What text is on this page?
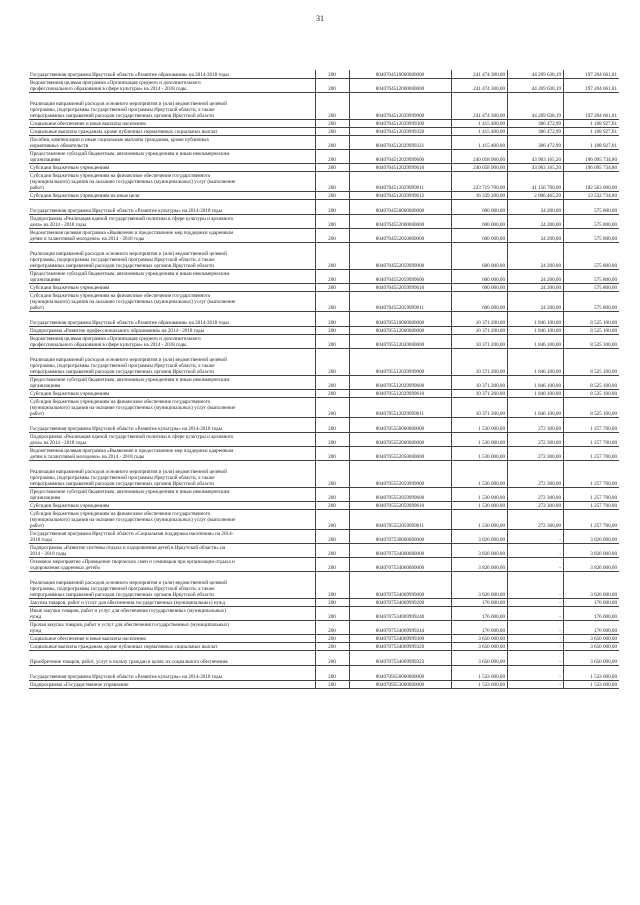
31
Государственная программа Иркутской области «Развитие образования» на 2014-2018 годы	200	8040704510000000000	241 474 300,00	44 269 638,19	197 204 661,81
Ведомственная целевая программа «Организация среднего и дополнительного
профессионального образования в сфере культуры» на 2014 - 2018 годы	200	8040704512000000000	241 474 300,00	44 269 638,19	197 204 661,81

Реализация направлений расходов основного мероприятия и (или) ведомственной целевой
программы, подпрограммы государственной программы Иркутской области, а также
непрограммных направлений расходов государственных органов Иркутской области	200	8040704512029999000	241 474 300,00	44 269 638,19	197 204 661,81
Социальное обеспечение и иные выплаты населению	200	8040704512029999300	1 415 400,00	306 472,99	1 108 927,01
Социальные выплаты гражданам, кроме публичных нормативных социальных выплат	200	8040704512029999320	1 415 400,00	306 472,99	1 108 927,01
Пособия, компенсации и иные социальные выплаты гражданам, кроме публичных
нормативных обязательств	200	8040704512029999321	1 415 400,00	306 472,99	1 108 927,01
Предоставление субсидий бюджетным, автономным учреждениям и иным некоммерческим
организациям	200	8040704512029999600	240 058 900,00	43 963 165,20	196 095 734,80
Субсидии бюджетным учреждениям	200	8040704512029999610	240 058 900,00	43 963 165,20	196 095 734,80
Субсидии бюджетным учреждениям на финансовое обеспечение государственного
(муниципального) задания на оказание государственных (муниципальных) услуг (выполнение
работ)	200	8040704512029999611	223 719 700,00	41 156 700,00	182 563 000,00
Субсидии бюджетным учреждениям на иные цели	200	8040704512029999612	16 339 200,00	2 806 465,20	13 532 734,80

Государственная программа Иркутской области «Развитие культуры» на 2014-2018 годы	200	8040704550000000000	600 000,00	24 200,00	575 800,00
Подпрограмма «Реализация единой государственной политики в сфере культуры и архивного
дела» на 2014 - 2018 годы	200	8040704552000000000	600 000,00	24 200,00	575 800,00
Ведомственная целевая программа «Выявление и предоставление мер поддержки одаренным
детям и талантливой молодежи» на 2014 - 2018 годы	200	8040704552050000000	600 000,00	24 200,00	575 800,00

Реализация направлений расходов основного мероприятия и (или) ведомственной целевой
программы, подпрограммы государственной программы Иркутской области, а также
непрограммных направлений расходов государственных органов Иркутской области	200	8040704552059999000	600 000,00	24 200,00	575 800,00
Предоставление субсидий бюджетным, автономным учреждениям и иным некоммерческим
организациям	200	8040704552059999600	600 000,00	24 200,00	575 800,00
Субсидии бюджетным учреждениям	200	8040704552059999610	600 000,00	24 200,00	575 800,00
Субсидии бюджетным учреждениям на финансовое обеспечение государственного
(муниципального) задания на оказание государственных (муниципальных) услуг (выполнение
работ)	200	8040704552059999611	600 000,00	24 200,00	575 800,00

Государственная программа Иркутской области «Развитие образования» на 2014-2018 годы	200	8040705510000000000	10 371 200,00	1 846 100,00	8 525 100,00
Подпрограмма «Развитие профессионального образования» на 2014 - 2018 годы	200	8040705512000000000	10 371 200,00	1 846 100,00	8 525 100,00
Ведомственная целевая программа «Организация среднего и дополнительного
профессионального образования в сфере культуры» на 2014 - 2018 годы	200	8040705512020000000	10 371 200,00	1 846 100,00	8 525 100,00

Реализация направлений расходов основного мероприятия и (или) ведомственной целевой
программы, подпрограммы государственной программы Иркутской области, а также
непрограммных направлений расходов государственных органов Иркутской области	200	8040705512029999000	10 371 200,00	1 846 100,00	8 525 100,00
Предоставление субсидий бюджетным, автономным учреждениям и иным некоммерческим
организациям	200	8040705512029999600	10 371 200,00	1 846 100,00	8 525 100,00
Субсидии бюджетным учреждениям	200	8040705512029999610	10 371 200,00	1 846 100,00	8 525 100,00
Субсидии бюджетным учреждениям на финансовое обеспечение государственного
(муниципального) задания на оказание государственных (муниципальных) услуг (выполнение
работ)	200	8040705512029999611	10 371 200,00	1 846 100,00	8 525 100,00

Государственная программа Иркутской области «Развитие культуры» на 2014-2018 годы	200	8040705550000000000	1 530 000,00	272 300,00	1 257 700,00
Подпрограмма «Реализация единой государственной политики в сфере культуры и архивного
дела» на 2014 - 2018 годы	200	8040705552000000000	1 530 000,00	272 300,00	1 257 700,00
Ведомственная целевая программа «Выявление и предоставление мер поддержки одаренным
детям и талантливой молодежи» на 2014 - 2018 годы	200	8040705552050000000	1 530 000,00	272 300,00	1 257 700,00

Реализация направлений расходов основного мероприятия и (или) ведомственной целевой
программы, подпрограммы государственной программы Иркутской области, а также
непрограммных направлений расходов государственных органов Иркутской области	200	8040705552059999000	1 530 000,00	272 300,00	1 257 700,00
Предоставление субсидий бюджетным, автономным учреждениям и иным некоммерческим
организациям	200	8040705552059999600	1 530 000,00	272 300,00	1 257 700,00
Субсидии бюджетным учреждениям	200	8040705552059999610	1 530 000,00	272 300,00	1 257 700,00
Субсидии бюджетным учреждениям на финансовое обеспечение государственного
(муниципального) задания на оказание государственных (муниципальных) услуг (выполнение
работ)	200	8040705552059999611	1 530 000,00	272 300,00	1 257 700,00
Государственная программа Иркутской области «Социальная поддержка населения» на 2014-
2018 годы	200	8040707530000000000	3 826 000,00	-	3 826 000,00
Подпрограмма «Развитие системы отдыха и оздоровления детей в Иркутской области» на
2014 - 2018 годы	200	8040707534000000000	3 826 000,00	-	3 826 000,00
Основное мероприятие «Проведение творческих смен и семинаров при организации отдыха и
оздоровления одаренных детей»	200	8040707534060000000	3 826 000,00	-	3 826 000,00

Реализация направлений расходов основного мероприятия и (или) ведомственной целевой
программы, подпрограммы государственной программы Иркутской области, а также
непрограммных направлений расходов государственных органов Иркутской области	200	8040707534069999000	3 826 000,00	-	3 826 000,00
Закупка товаров, работ и услуг для обеспечения государственных (муниципальных) нужд	200	8040707534069999200	176 000,00	-	176 000,00
Иные закупки товаров, работ и услуг для обеспечения государственных (муниципальных)
нужд	200	8040707534069999240	176 000,00	-	176 000,00
Прочая закупка товаров, работ и услуг для обеспечения государственных (муниципальных)
нужд	200	8040707534069999244	176 000,00	-	176 000,00
Социальное обеспечение и иные выплаты населению	200	8040707534069999300	3 650 000,00	-	3 650 000,00
Социальные выплаты гражданам, кроме публичных нормативных социальных выплат	200	8040707534069999320	3 650 000,00	-	3 650 000,00

Приобретение товаров, работ, услуг в пользу граждан в целях их социального обеспечения	200	8040707534069999323	3 650 000,00	-	3 650 000,00

Государственная программа Иркутской области «Развитие культуры» на 2014-2018 годы	200	8040709550000000000	1 533 600,00	-	1 533 600,00
Подпрограмма «Государственное управление	200	8040709553000000000	1 533 600,00	-	1 533 600,00
